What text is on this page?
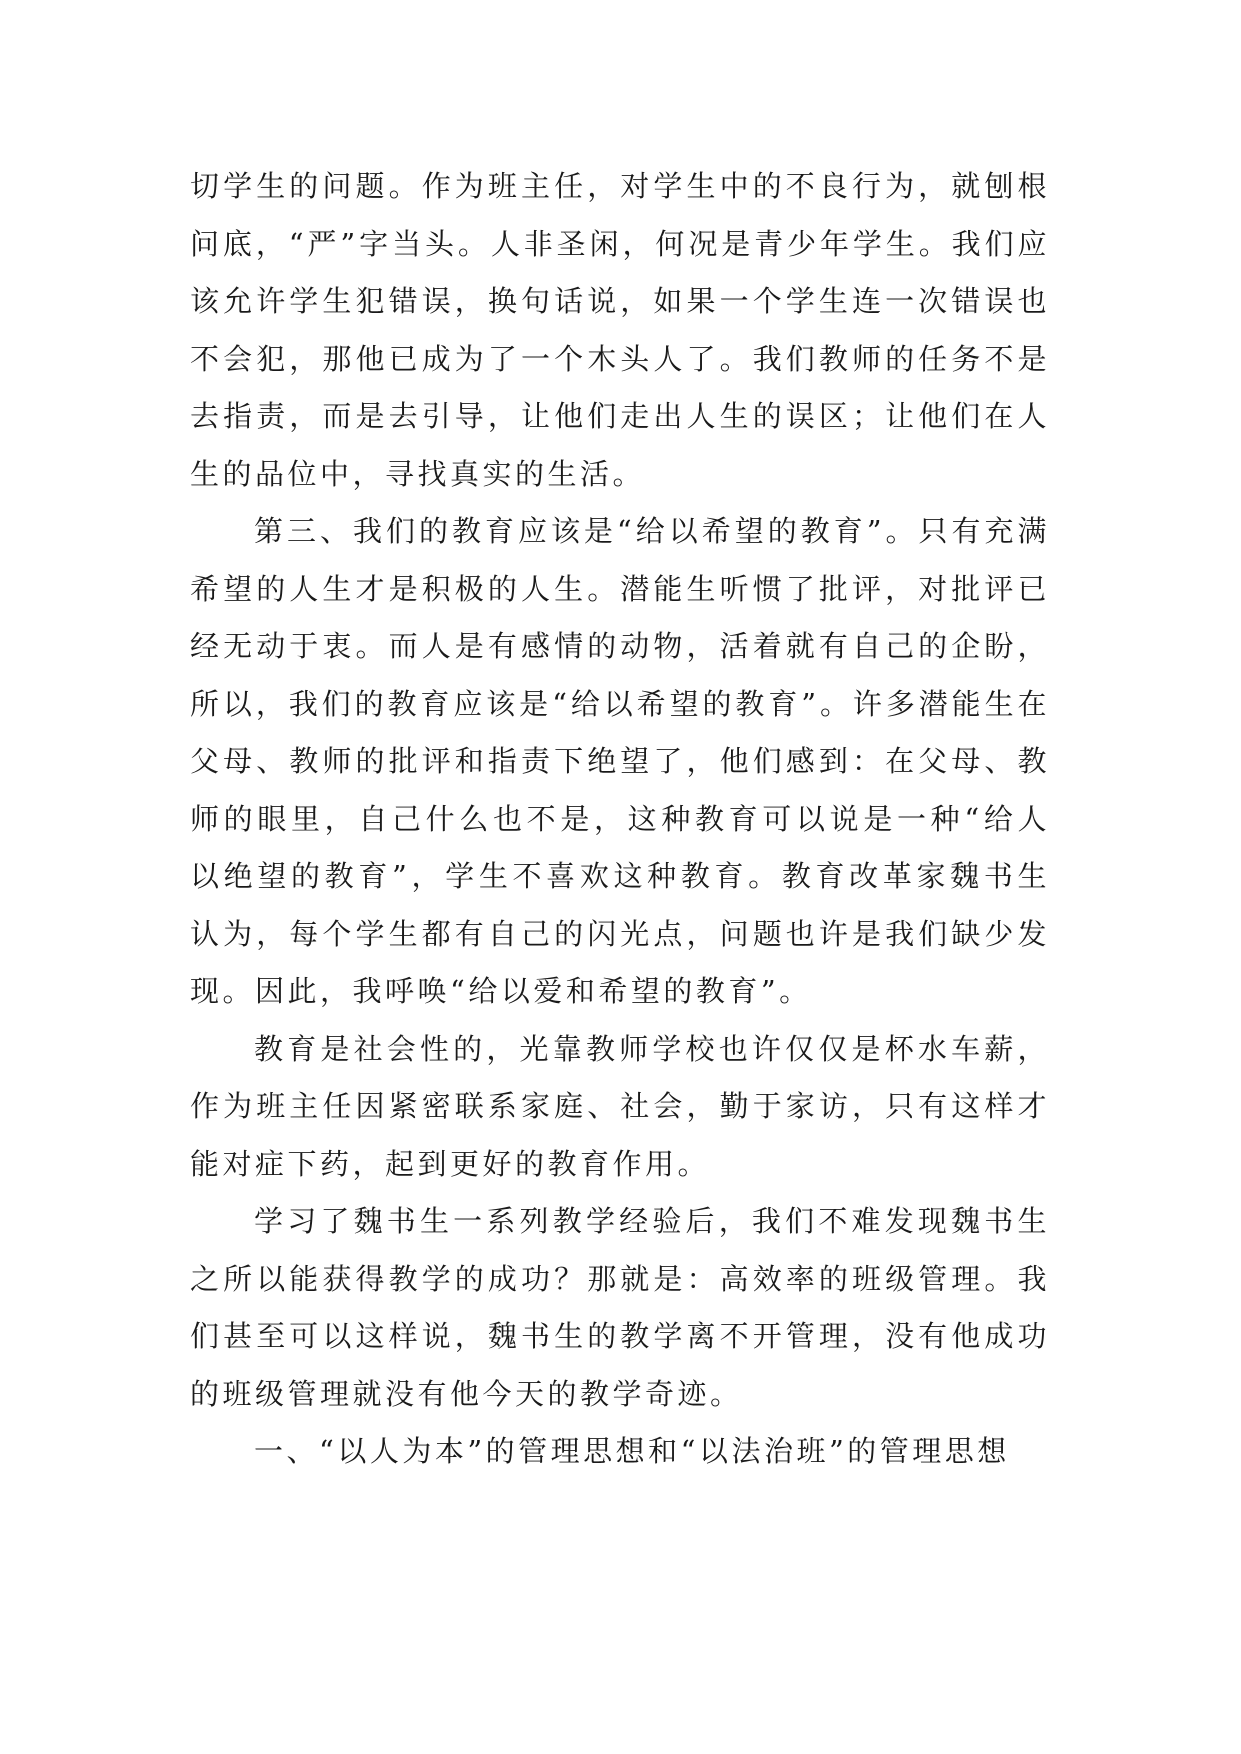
切学生的问题。作为班主任，对学生中的不良行为，就刨根问底，“严”字当头。人非圣闲，何况是青少年学生。我们应该允许学生犯错误，换句话说，如果一个学生连一次错误也不会犯，那他已成为了一个木头人了。我们教师的任务不是去指责，而是去引导，让他们走出人生的误区；让他们在人生的品位中，寻找真实的生活。

第三、我们的教育应该是“给以希望的教育”。只有充满希望的人生才是积极的人生。潜能生听惯了批评，对批评已经无动于衷。而人是有感情的动物，活着就有自己的企盼，所以，我们的教育应该是“给以希望的教育”。许多潜能生在父母、教师的批评和指责下绝望了，他们感到：在父母、教师的眼里，自己什么也不是，这种教育可以说是一种“给人以绝望的教育”，学生不喜欢这种教育。教育改革家魏书生认为，每个学生都有自己的闪光点，问题也许是我们缺少发现。因此，我呼唤“给以爱和希望的教育”。

教育是社会性的，光靠教师学校也许仅仅是杯水车薪，作为班主任因紧密联系家庭、社会，勤于家访，只有这样才能对症下药，起到更好的教育作用。

学习了魏书生一系列教学经验后，我们不难发现魏书生之所以能获得教学的成功？那就是：高效率的班级管理。我们甚至可以这样说，魏书生的教学离不开管理，没有他成功的班级管理就没有他今天的教学奇迹。

一、“以人为本”的管理思想和“以法治班”的管理思想
